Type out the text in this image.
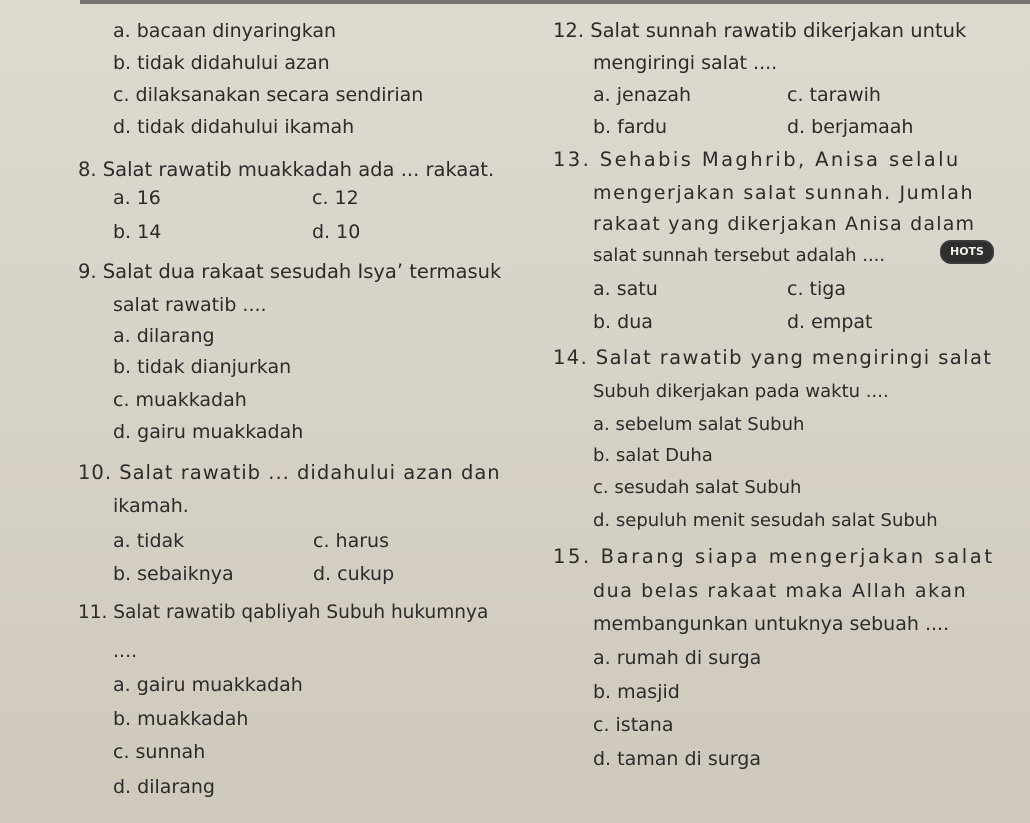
a. bacaan dinyaringkan
b. tidak didahului azan
c. dilaksanakan secara sendirian
d. tidak didahului ikamah
8. Salat rawatib muakkadah ada ... rakaat.
a. 16	c. 12
b. 14	d. 10
9. Salat dua rakaat sesudah Isya’ termasuk
salat rawatib ....
a. dilarang
b. tidak dianjurkan
c. muakkadah
d. gairu muakkadah
10. Salat rawatib ... didahului azan dan
ikamah.
a. tidak	c. harus
b. sebaiknya	d. cukup
11. Salat rawatib qabliyah Subuh hukumnya
....
a. gairu muakkadah
b. muakkadah
c. sunnah
d. dilarang
12. Salat sunnah rawatib dikerjakan untuk
mengiringi salat ....
a. jenazah	c. tarawih
b. fardu	d. berjamaah
13. Sehabis Maghrib, Anisa selalu
mengerjakan salat sunnah. Jumlah
rakaat yang dikerjakan Anisa dalam
salat sunnah tersebut adalah ....	HOTS
a. satu	c. tiga
b. dua	d. empat
14. Salat rawatib yang mengiringi salat
Subuh dikerjakan pada waktu ....
a. sebelum salat Subuh
b. salat Duha
c. sesudah salat Subuh
d. sepuluh menit sesudah salat Subuh
15. Barang siapa mengerjakan salat
dua belas rakaat maka Allah akan
membangunkan untuknya sebuah ....
a. rumah di surga
b. masjid
c. istana
d. taman di surga
